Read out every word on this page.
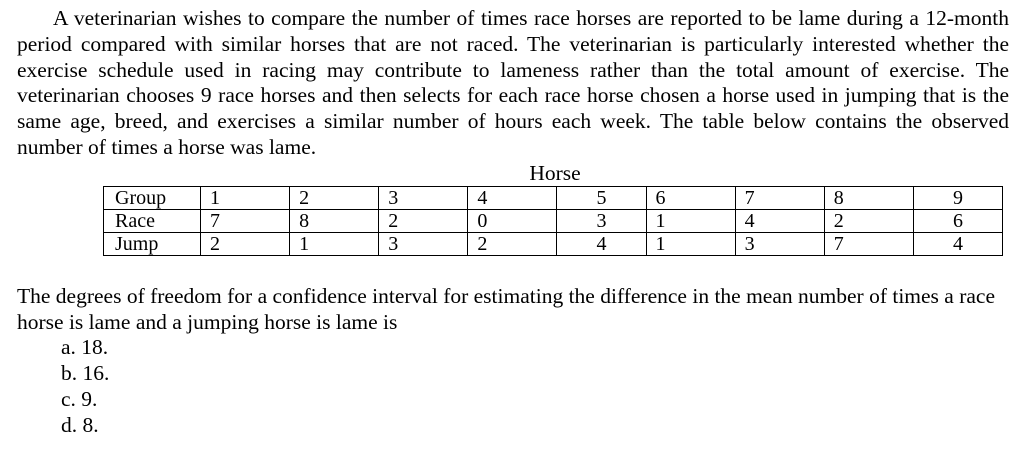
A veterinarian wishes to compare the number of times race horses are reported to be lame during a 12-month period compared with similar horses that are not raced. The veterinarian is particularly interested whether the exercise schedule used in racing may contribute to lameness rather than the total amount of exercise. The veterinarian chooses 9 race horses and then selects for each race horse chosen a horse used in jumping that is the same age, breed, and exercises a similar number of hours each week. The table below contains the observed number of times a horse was lame.

Horse
Group	1	2	3	4	5	6	7	8	9
Race	7	8	2	0	3	1	4	2	6
Jump	2	1	3	2	4	1	3	7	4

The degrees of freedom for a confidence interval for estimating the difference in the mean number of times a race horse is lame and a jumping horse is lame is

a. 18.
b. 16.
c. 9.
d. 8.
